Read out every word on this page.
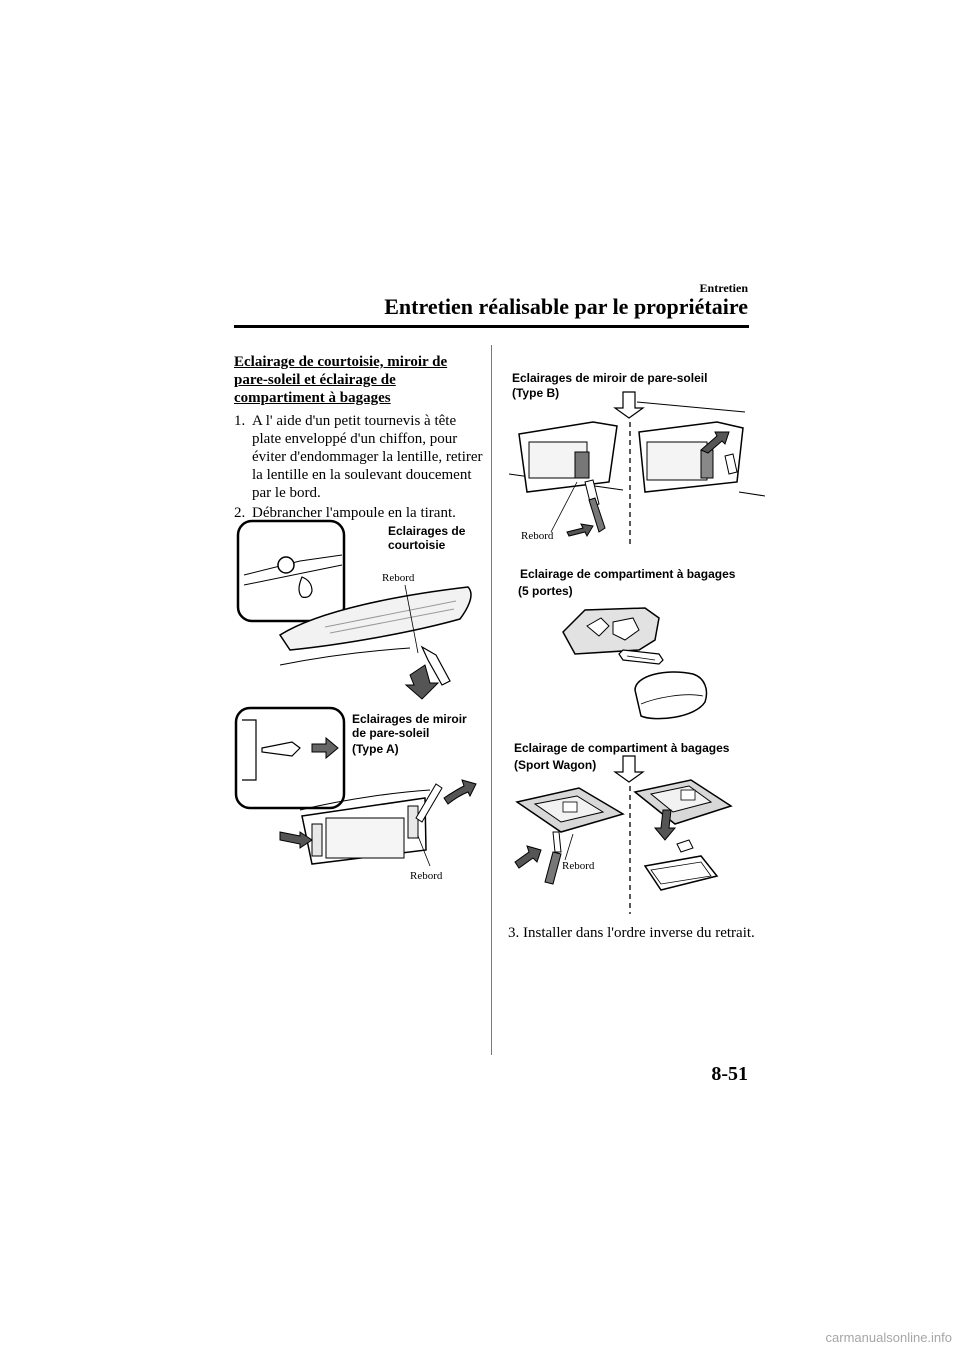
Entretien
Entretien réalisable par le propriétaire
Eclairage de courtoisie, miroir de pare-soleil et éclairage de compartiment à bagages
1. A l' aide d'un petit tournevis à tête plate enveloppé d'un chiffon, pour éviter d'endommager la lentille, retirer la lentille en la soulevant doucement par le bord.
2. Débrancher l'ampoule en la tirant.
Eclairages de courtoisie
Rebord
Eclairages de miroir de pare-soleil
(Type A)
Rebord
Eclairages de miroir de pare-soleil
(Type B)
Rebord
Eclairage de compartiment à bagages
(5 portes)
Eclairage de compartiment à bagages
(Sport Wagon)
Rebord
3. Installer dans l'ordre inverse du retrait.
8-51
carmanualsonline.info
